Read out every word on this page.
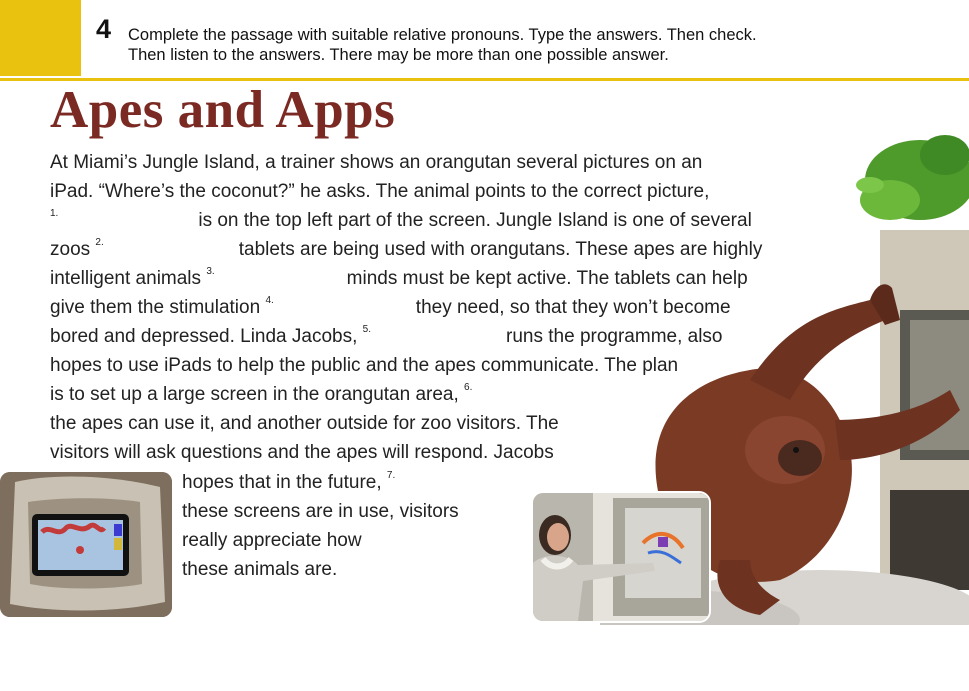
4 Complete the passage with suitable relative pronouns. Type the answers. Then check.
Then listen to the answers. There may be more than one possible answer.
Apes and Apps
At Miami’s Jungle Island, a trainer shows an orangutan several pictures on an
iPad. “Where’s the coconut?” he asks. The animal points to the correct picture,
$^{1.}$	is on the top left part of the screen. Jungle Island is one of several
zoos $^{2.}$	tablets are being used with orangutans. These apes are highly
intelligent animals $^{3.}$	minds must be kept active. The tablets can help
give them the stimulation $^{4.}$	they need, so that they won’t become
bored and depressed. Linda Jacobs, $^{5.}$	runs the programme, also
hopes to use iPads to help the public and the apes communicate. The plan
is to set up a large screen in the orangutan area, $^{6.}$
the apes can use it, and another outside for zoo visitors. The
visitors will ask questions and the apes will respond. Jacobs
hopes that in the future, $^{7.}$
these screens are in use, visitors
really appreciate how
these animals are.
